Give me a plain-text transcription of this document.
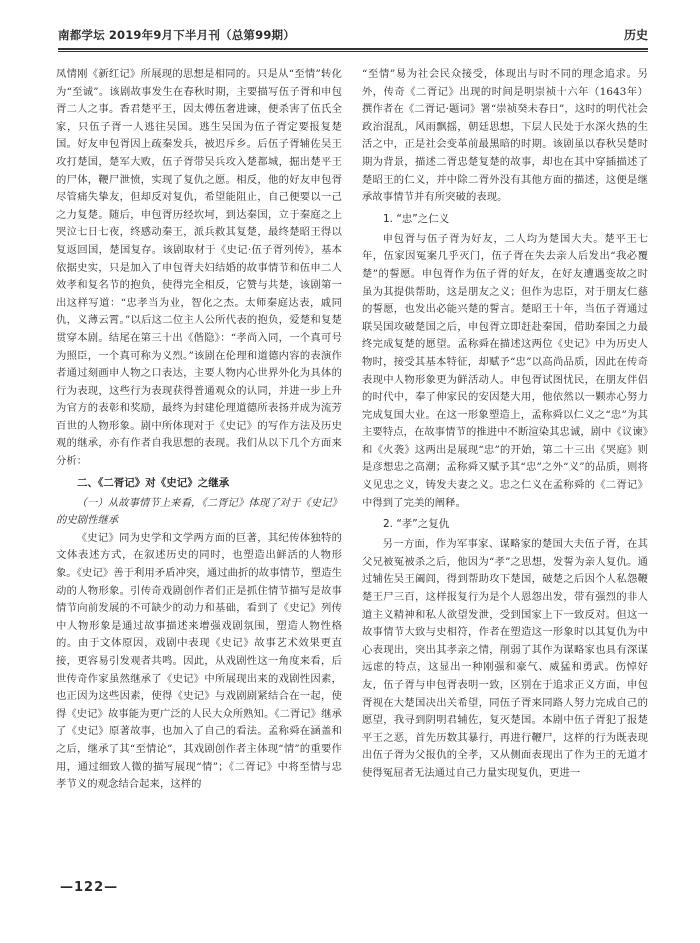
南都学坛 2019年9月下半月刊（总第99期）	历史

凤情刚《新红记》所展现的思想是相同的。只是从“至情”转化为“至诚”。该剧故事发生在春秋时期，主要描写伍子胥和申包胥二人之事。香君楚平王，因太傅伍奢进谏，便杀害了伍氏全家，只伍子胥一人逃往吴国。逃生吴国为伍子胥定要报复楚国。好友申包胥因上疏秦发兵，被迟斥乡。后伍子胥辅佐吴王攻打楚国，楚军大败，伍子胥带吴兵攻入楚都城，掘出楚平王的尸体，鞭尸泄愤，实现了复仇之愿。相反，他的好友申包胥尽管痛失挚友，但却反对复仇，希望能阻止，自己便要以一己之力复楚。随后，申包胥历经坎坷，到达秦国，立于秦庭之上哭泣七日七夜，终感动秦王，派兵救其复楚，最终楚昭王得以复返回国，楚国复存。该剧取材于《史记·伍子胥列传》，基本依据史实，只是加入了申包胥夫妇结婚的故事情节和伍申二人效孝和复名节的抱负，使得完全相反，它赞与共楚，该剧第一出这样写道：“忠孝当为业，智化之杰。太师秦庭达表，戚同仇，义薄云霄。”以后这二位主人公所代表的抱负，爱楚和复楚贯穿本剧。结尾在第三十出《偕隐》：“孝尚入同，一个真可号为照臣，一个真可称为义烈。”该剧在伦理和道德内容的表演作者通过刻画申人物之口表达，主要人物内心世界外化为具体的行为表现，这些行为表现获得普通观众的认同，并进一步上升为官方的表彰和奖励，最终为封建伦理道德所表扬并成为流芳百世的人物形象。剧中所体现对于《史记》的写作方法及历史观的继承，亦有作者自我思想的表现。我们从以下几个方面来分析：

二、《二胥记》对《史记》之继承

（一）从故事情节上来看，《二胥记》体现了对于《史记》的史剧性继承

《史记》同为史学和文学两方面的巨著，其纪传体独特的文体表述方式，在叙述历史的同时，也塑造出鲜活的人物形象。《史记》善于利用矛盾冲突，通过曲折的故事情节，塑造生动的人物形象。引传奇戏剧创作者们正是抓住情节描写是故事情节向前发展的不可缺少的动力和基础，看到了《史记》列传中人物形象是通过故事描述来增强戏剧氛围，塑造人物性格的。由于文体原因，戏剧中表现《史记》故事艺术效果更直接，更容易引发观者共鸣。因此，从戏剧性这一角度来看，后世传奇作家虽然继承了《史记》中所展现出来的戏剧性因素，也正因为这些因素，使得《史记》与戏剧剧紧结合在一起，使得《史记》故事能为更广泛的人民大众所熟知。《二胥记》继承了《史记》原著故事，也加入了自己的看法。孟称舜在涵盖和之后，继承了其“至情论”，其戏剧创作者主体现“情”的重要作用，通过细致人微的描写展现“情”；《二胥记》中将至情与忠孝节义的观念结合起来，这样的

“至情”易为社会民众接受，体现出与时不同的理念追求。另外，传奇《二胥记》出现的时间是明崇祯十六年（1643年）撰作者在《二胥记·题词》署“崇祯癸未春日”，这时的明代社会政治混乱，风雨飘摇，朝廷思想，下层人民处于水深火热的生活之中，正是社会变革前最黑暗的时期。该剧虽以春秋吴楚时期为背景，描述二胥忠楚复楚的故事，却也在其中穿插描述了楚昭王的仁义，并中除二胥外没有其他方面的描述，这便是继承故事情节并有所突破的表现。

1. “忠”之仁义

申包胥与伍子胥为好友，二人均为楚国大夫。楚平王七年，伍家因冤案几乎灭门，伍子胥在失去亲人后发出“我必覆楚”的誓愿。申包胥作为伍子胥的好友，在好友遭遇变故之时虽为其提供帮助，这是朋友之义；但作为忠臣，对于朋友仁慈的誓愿，也发出必能兴楚的誓言。楚昭王十年，当伍子胥通过联吴国攻破楚国之后，申包胥立即赶赴秦国，借助秦国之力最终完成复楚的愿望。孟称舜在描述这两位《史记》中为历史人物时，接受其基本特征，却赋予“忠”以高尚品质，因此在传奇表现中人物形象更为鲜活动人。申包胥试图忧民，在朋友伴侣的时代中，奉了伸家民的安因楚大用，他依然以一颗赤心努力完成复国大业。在这一形象塑造上，孟称舜以仁义之“忠”为其主要特点，在故事情节的推进中不断渲染其忠诚，剧中《议谏》和《火袭》这两出是展现“忠”的开始，第二十三出《哭庭》则是彦想忠之高潮；孟称舜又赋予其“忠”之外“义”的品质，则将义见忠之义，铸发夫妻之义。忠之仁义在孟称舜的《二胥记》中得到了完美的阐释。

2. “孝”之复仇

另一方面，作为军事家、谋略家的楚国大夫伍子胥，在其父兄被冤被杀之后，他因为“孝”之思想，发誓为亲人复仇。通过辅佐吴王阖闾，得到帮助攻下楚国，破楚之后因个人私怨鞭楚王尸三百，这样报复行为是个人恩怨出发，带有强烈的非人道主义精神和私人欲望发泄，受到国家上下一致反对。但这一故事情节大致与史相符，作者在塑造这一形象时以其复仇为中心表现出，突出其孝亲之情，削弱了其作为谋略家也具有深谋远虑的特点，这显出一种刚强和豪气、威猛和勇武。伤悼好友，伍子胥与申包胥表明一致，区别在于追求正义方面，申包胥视在大楚国决出关希望，同伍子胥来同路人努力完成自己的愿望，我寻到阴明君辅佐，复灭楚国。本剧中伍子胥犯了报楚平王之恶，首先历数其暴行，再进行鞭尸，这样的行为既表现出伍子胥为父报仇的全孝，又从侧面表现出了作为王的无道才使得冤屈者无法通过自己力量实现复仇，更进一

—122—
